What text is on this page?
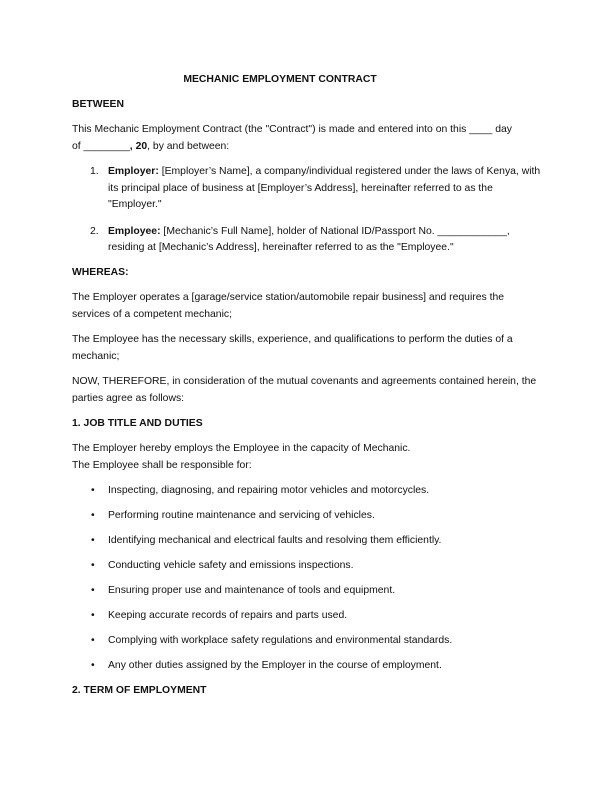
MECHANIC EMPLOYMENT CONTRACT
BETWEEN
This Mechanic Employment Contract (the "Contract") is made and entered into on this ____ day
of ________, 20, by and between:
1. Employer: [Employer’s Name], a company/individual registered under the laws of Kenya, with its principal place of business at [Employer’s Address], hereinafter referred to as the "Employer."
2. Employee: [Mechanic’s Full Name], holder of National ID/Passport No. ____________, residing at [Mechanic’s Address], hereinafter referred to as the "Employee."
WHEREAS:
The Employer operates a [garage/service station/automobile repair business] and requires the services of a competent mechanic;
The Employee has the necessary skills, experience, and qualifications to perform the duties of a mechanic;
NOW, THEREFORE, in consideration of the mutual covenants and agreements contained herein, the parties agree as follows:
1. JOB TITLE AND DUTIES
The Employer hereby employs the Employee in the capacity of Mechanic.
The Employee shall be responsible for:
• Inspecting, diagnosing, and repairing motor vehicles and motorcycles.
• Performing routine maintenance and servicing of vehicles.
• Identifying mechanical and electrical faults and resolving them efficiently.
• Conducting vehicle safety and emissions inspections.
• Ensuring proper use and maintenance of tools and equipment.
• Keeping accurate records of repairs and parts used.
• Complying with workplace safety regulations and environmental standards.
• Any other duties assigned by the Employer in the course of employment.
2. TERM OF EMPLOYMENT
